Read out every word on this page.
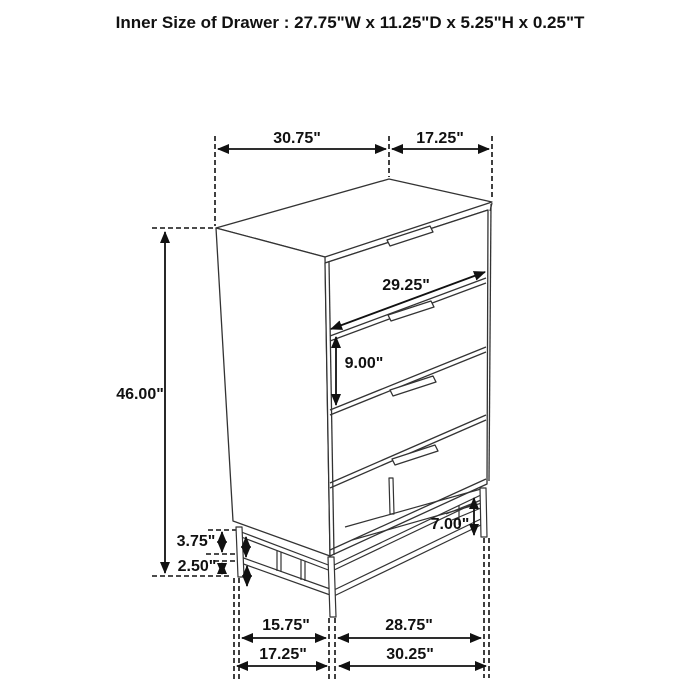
Inner Size of Drawer : 27.75"W x 11.25"D x 5.25"H x 0.25"T
30.75"	17.25"
29.25"
9.00"
46.00"
3.75"
2.50"
7.00"
15.75"	28.75"
17.25"	30.25"
